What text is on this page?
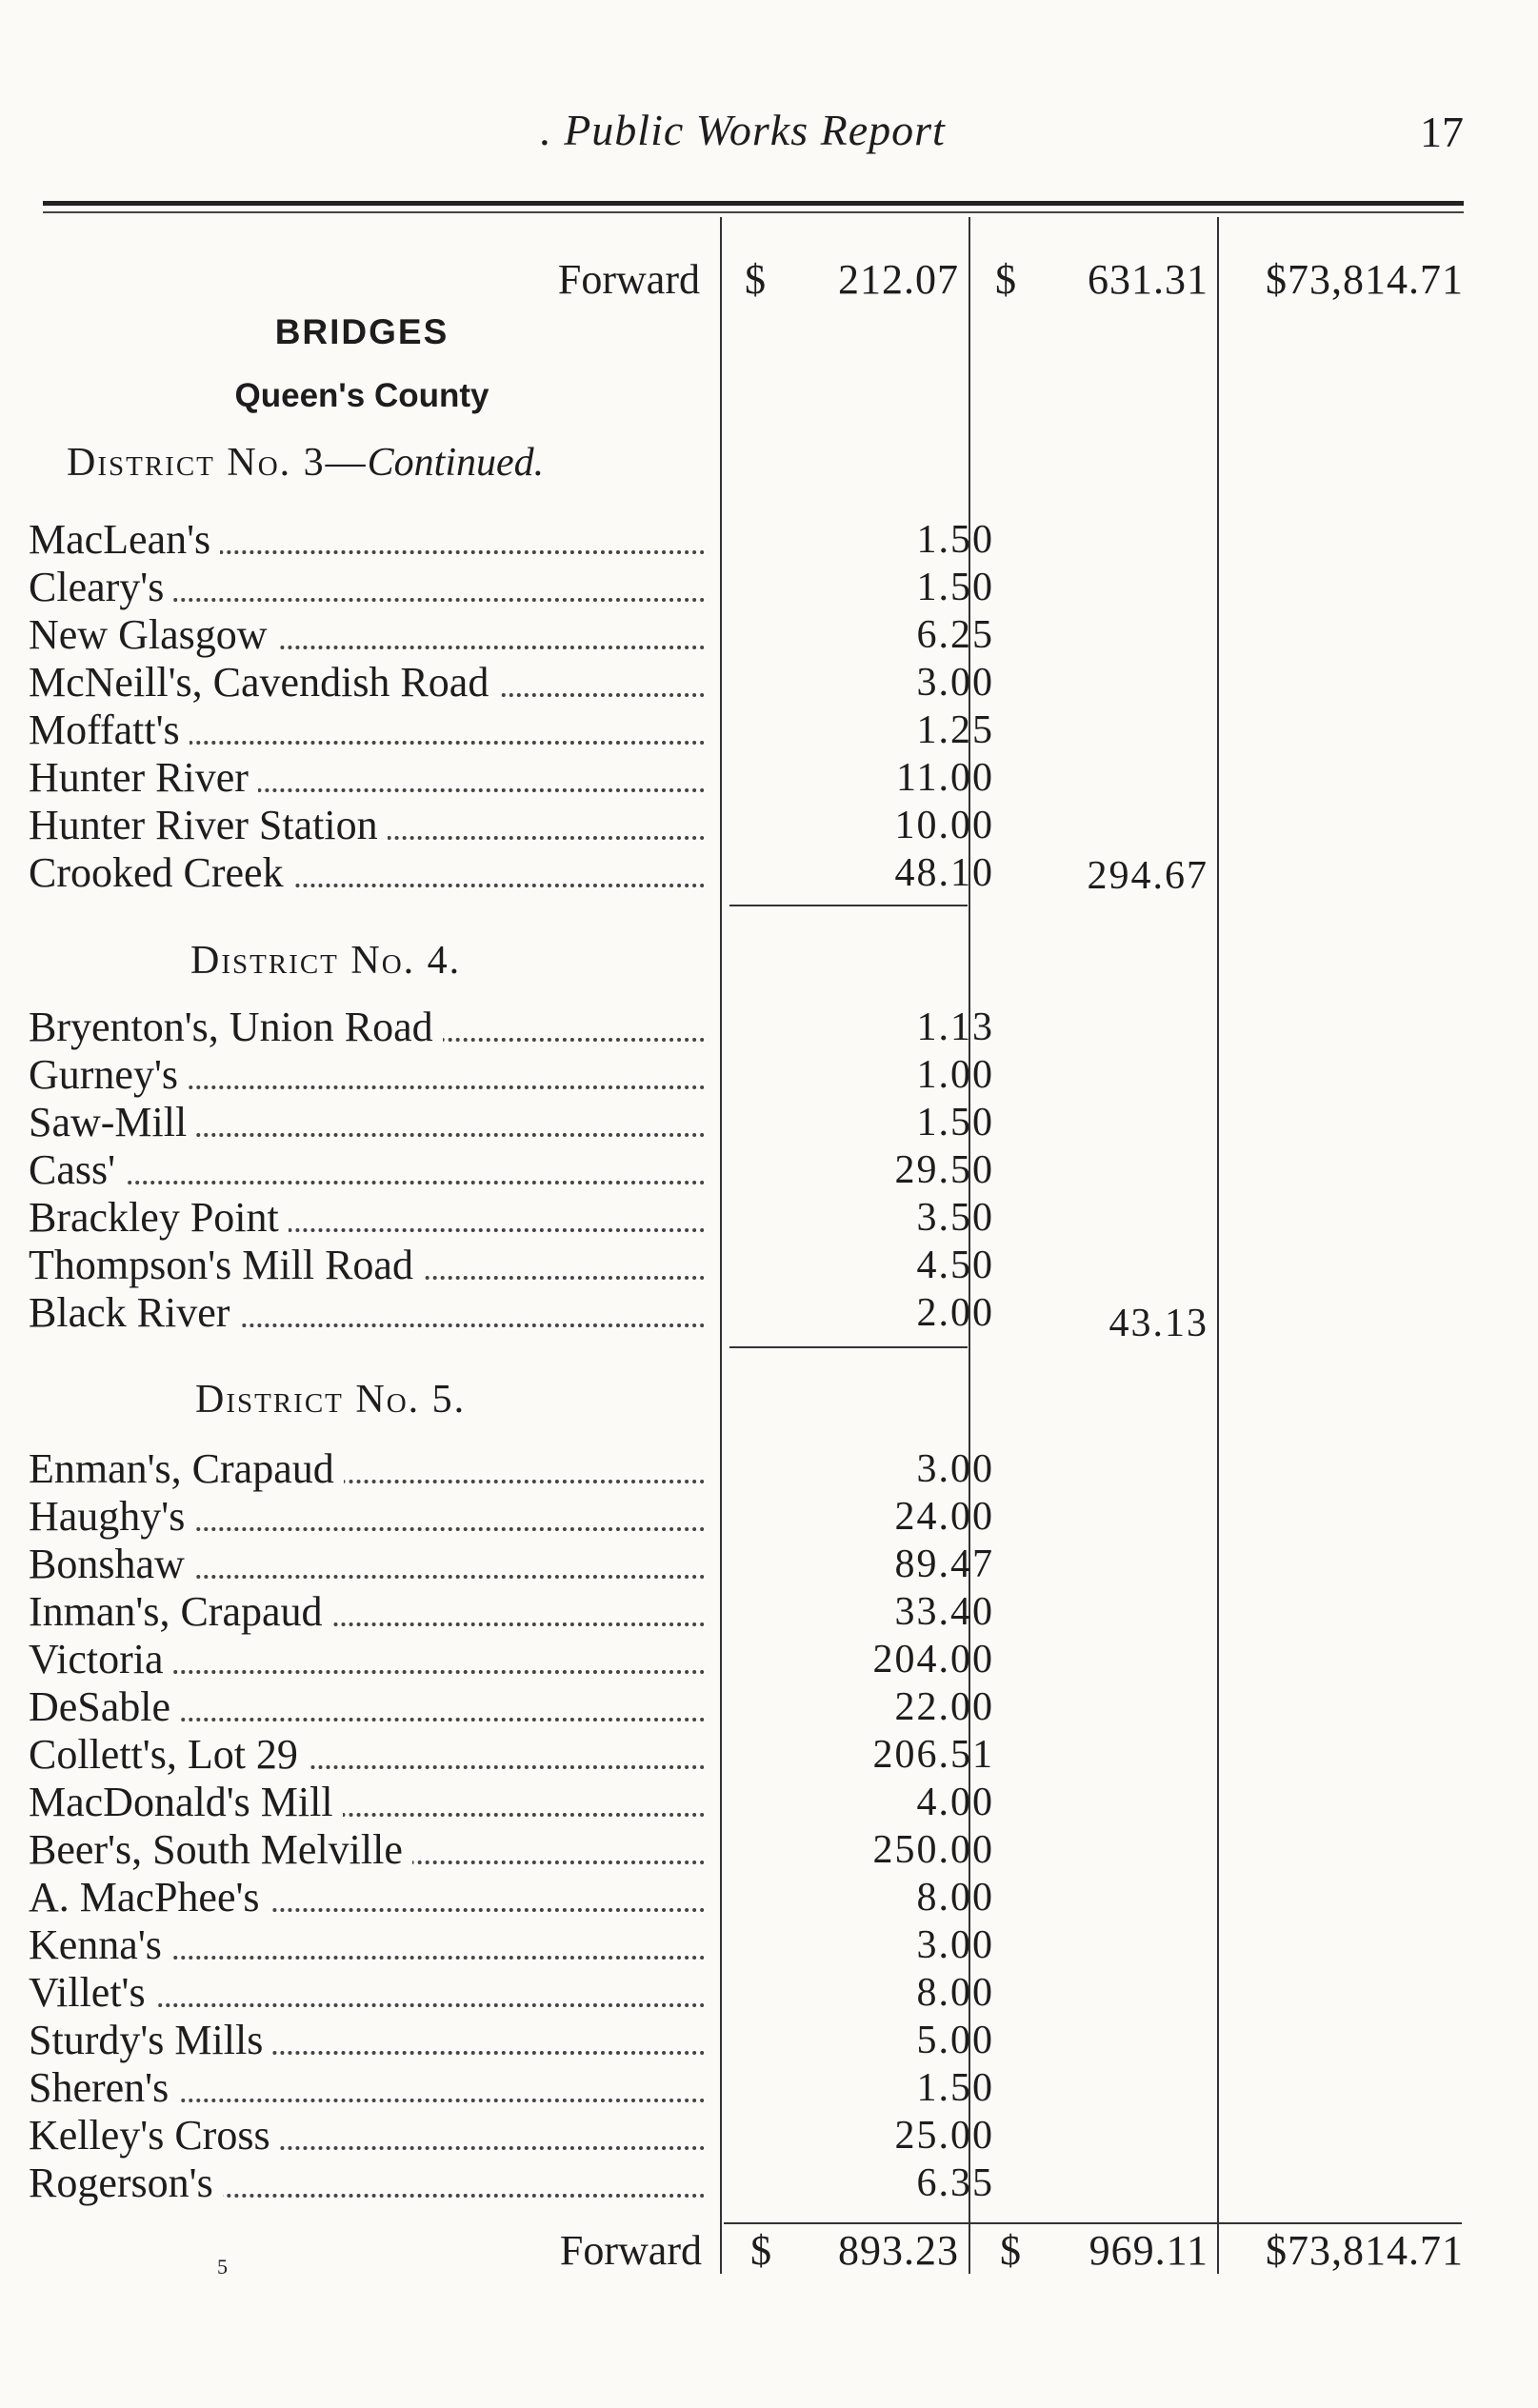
. Public Works Report	17
Forward $ 212.07 $ 631.31 $73,814.71
BRIDGES
Queen's County
District No. 3—Continued.
MacLean's	1.50
Cleary's	1.50
New Glasgow	6.25
McNeill's, Cavendish Road	3.00
Moffatt's	1.25
Hunter River	11.00
Hunter River Station	10.00
Crooked Creek	48.10 294.67
District No. 4.
Bryenton's, Union Road	1.13
Gurney's	1.00
Saw-Mill	1.50
Cass'	29.50
Brackley Point	3.50
Thompson's Mill Road	4.50
Black River	2.00	43.13
District No. 5.
Enman's, Crapaud	3.00
Haughy's	24.00
Bonshaw	89.47
Inman's, Crapaud	33.40
Victoria	204.00
DeSable	22.00
Collett's, Lot 29	206.51
MacDonald's Mill	4.00
Beer's, South Melville	250.00
A. MacPhee's	8.00
Kenna's	3.00
Villet's	8.00
Sturdy's Mills	5.00
Sheren's	1.50
Kelley's Cross	25.00
Rogerson's	6.35
5	Forward $ 893.23 $ 969.11 $73,814.71
